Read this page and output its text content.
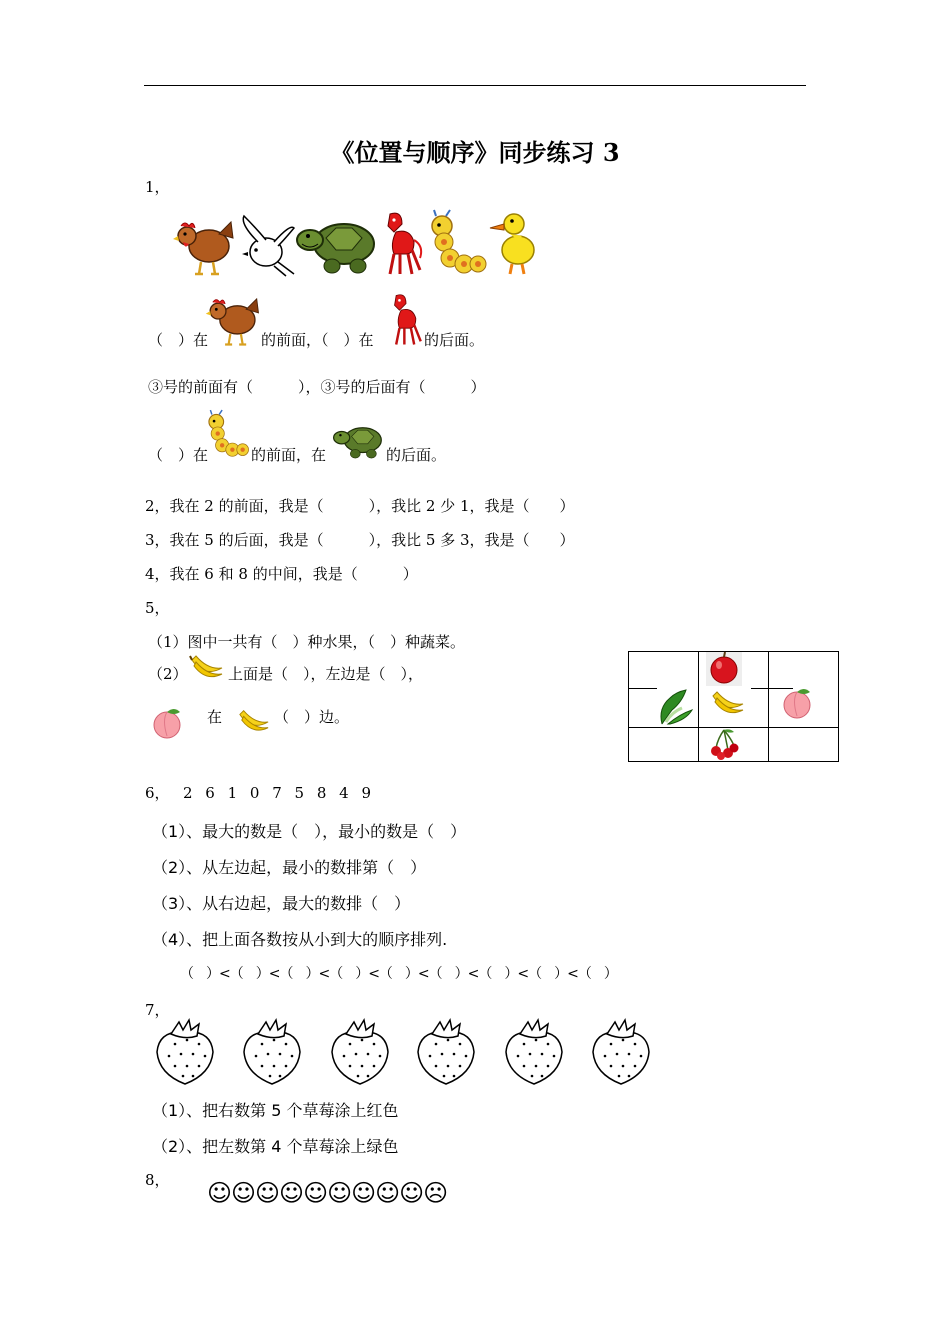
《位置与顺序》同步练习 3
1，
（　）在	的前面，（　）在	的后面。
③号的前面有（　　　），③号的后面有（　　　）
（　）在	的前面，在	的后面。
2，我在 2 的前面，我是（　　　），我比 2 少 1，我是（　　）
3，我在 5 的后面，我是（　　　），我比 5 多 3，我是（　　）
4，我在 6 和 8 的中间，我是（　　　）
5，
（1）图中一共有（　）种水果，（　）种蔬菜。
（2）	上面是（　），左边是（　），
在	（　）边。
6， 2 6 1 0 7 5 8 4 9
（1）、最大的数是（　），最小的数是（　）
（2）、从左边起，最小的数排第（　）
（3）、从右边起，最大的数排（　）
（4）、把上面各数按从小到大的顺序排列.
（　）<（　）<（　）<（　）<（　）<（　）<（　）<（　）<（　）
7，
（1）、把右数第 5 个草莓涂上红色
（2）、把左数第 4 个草莓涂上绿色
8， ☺☺☺☺☺☺☺☺☺☹
